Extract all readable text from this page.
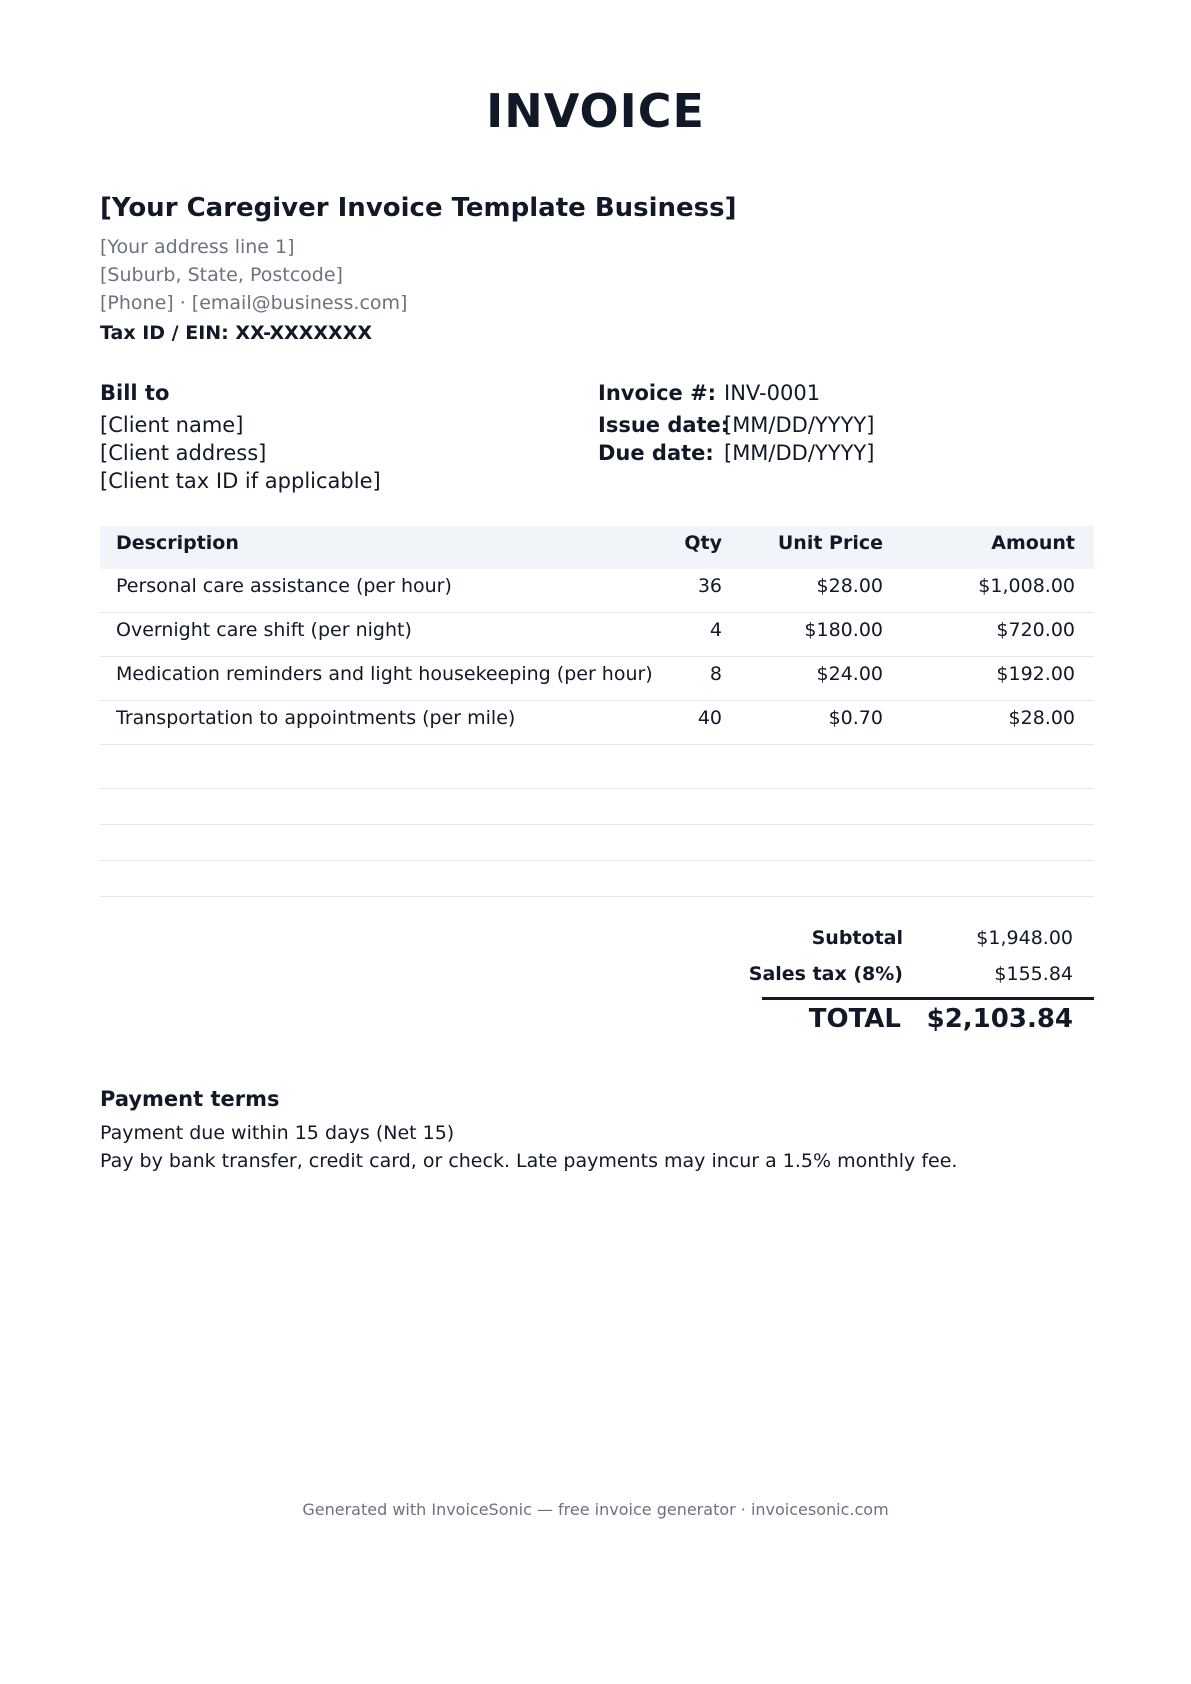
INVOICE
[Your Caregiver Invoice Template Business]
[Your address line 1]
[Suburb, State, Postcode]
[Phone] · [email@business.com]
Tax ID / EIN: XX-XXXXXXX
Bill to
[Client name]
[Client address]
[Client tax ID if applicable]
Invoice #: INV-0001
Issue date:
[MM/DD/YYYY]
Due date: [MM/DD/YYYY]
Description	Qty	Unit Price	Amount
Personal care assistance (per hour)	36	$28.00	$1,008.00
Overnight care shift (per night)	4	$180.00	$720.00
Medication reminders and light housekeeping (per hour)	8	$24.00	$192.00
Transportation to appointments (per mile)	40	$0.70	$28.00
Subtotal	$1,948.00
Sales tax (8%)	$155.84
TOTAL $2,103.84
Payment terms
Payment due within 15 days (Net 15)
Pay by bank transfer, credit card, or check. Late payments may incur a 1.5% monthly fee.
Generated with InvoiceSonic — free invoice generator · invoicesonic.com
